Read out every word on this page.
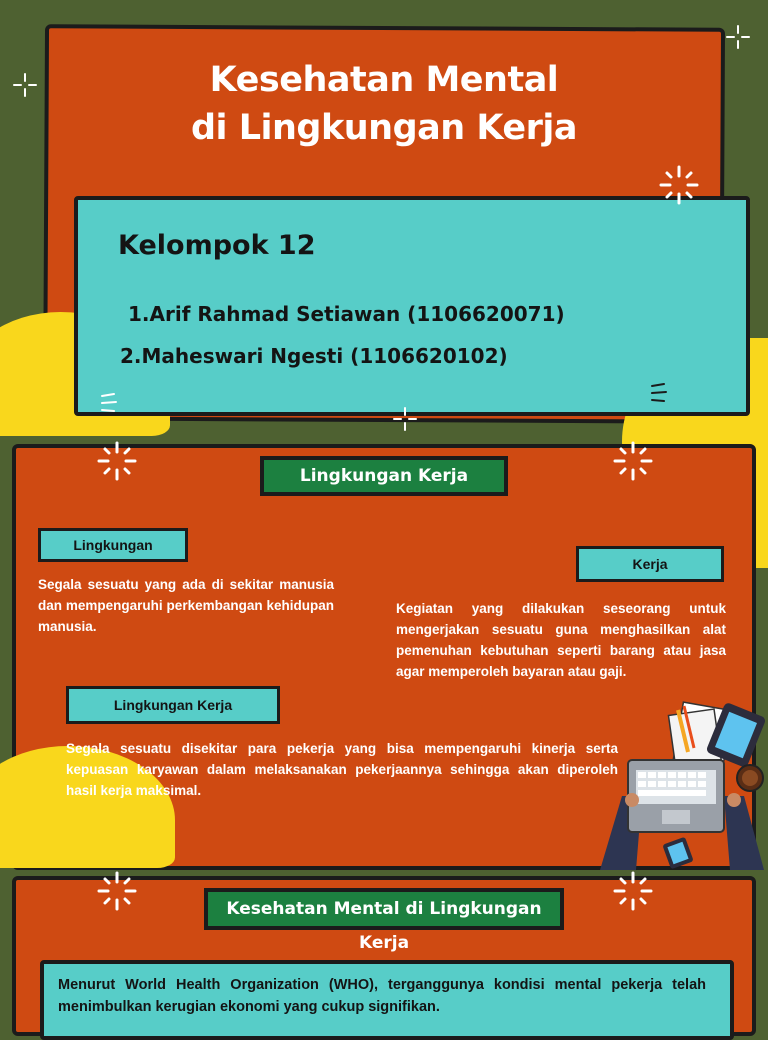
Kesehatan Mental
di Lingkungan Kerja
Kelompok 12
1.Arif Rahmad Setiawan (1106620071)
2.Maheswari Ngesti (1106620102)
Lingkungan Kerja
Lingkungan
Segala sesuatu yang ada di sekitar manusia dan mempengaruhi perkembangan kehidupan manusia.
Kerja
Kegiatan yang dilakukan seseorang untuk mengerjakan sesuatu guna menghasilkan alat pemenuhan kebutuhan seperti barang atau jasa agar memperoleh bayaran atau gaji.
Lingkungan Kerja
Segala sesuatu disekitar para pekerja yang bisa mempengaruhi kinerja serta kepuasan karyawan dalam melaksanakan pekerjaannya sehingga akan diperoleh hasil kerja maksimal.
Kesehatan Mental di Lingkungan Kerja
Menurut World Health Organization (WHO), terganggunya kondisi mental pekerja telah menimbulkan kerugian ekonomi yang cukup signifikan.
